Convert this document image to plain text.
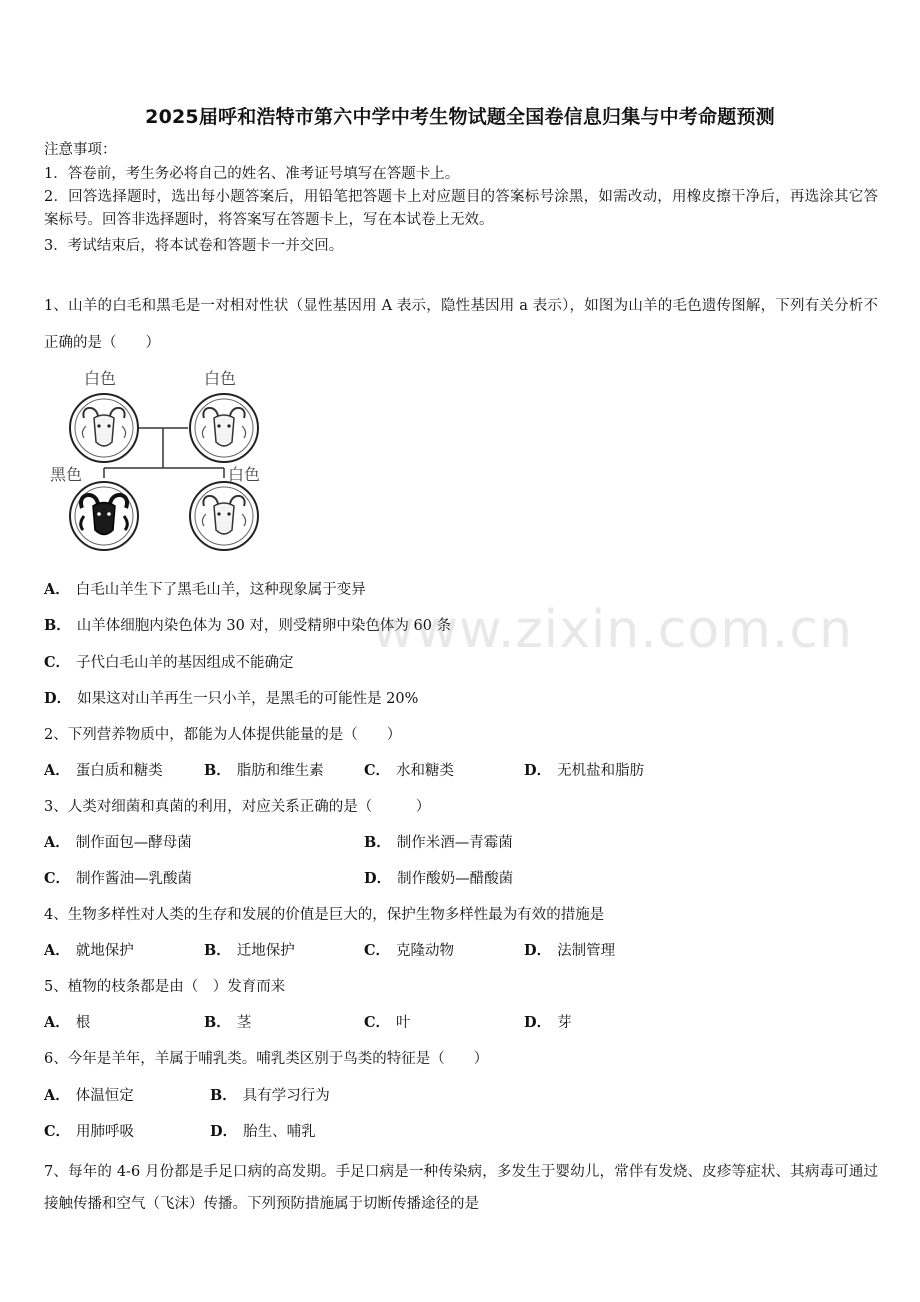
2025届呼和浩特市第六中学中考生物试题全国卷信息归集与中考命题预测
注意事项：
1．答卷前，考生务必将自己的姓名、准考证号填写在答题卡上。
2．回答选择题时，选出每小题答案后，用铅笔把答题卡上对应题目的答案标号涂黑，如需改动，用橡皮擦干净后，再选涂其它答案标号。回答非选择题时，将答案写在答题卡上，写在本试卷上无效。
3．考试结束后，将本试卷和答题卡一并交回。
1、山羊的白毛和黑毛是一对相对性状（显性基因用 A 表示，隐性基因用 a 表示），如图为山羊的毛色遗传图解，下列有关分析不正确的是（　　）
白色	白色
黑色	白色
A． 白毛山羊生下了黑毛山羊，这种现象属于变异
B． 山羊体细胞内染色体为 30 对，则受精卵中染色体为 60 条
C． 子代白毛山羊的基因组成不能确定
D． 如果这对山羊再生一只小羊，是黑毛的可能性是 20%
2、下列营养物质中，都能为人体提供能量的是（　　）
A． 蛋白质和糖类	B． 脂肪和维生素	C． 水和糖类	D． 无机盐和脂肪
3、人类对细菌和真菌的利用，对应关系正确的是（　　　）
A． 制作面包—酵母菌	B． 制作米酒—青霉菌
C． 制作酱油—乳酸菌	D． 制作酸奶—醋酸菌
4、生物多样性对人类的生存和发展的价值是巨大的，保护生物多样性最为有效的措施是
A． 就地保护	B． 迁地保护	C． 克隆动物	D． 法制管理
5、植物的枝条都是由（　）发育而来
A． 根	B． 茎	C． 叶	D． 芽
6、今年是羊年，羊属于哺乳类。哺乳类区别于鸟类的特征是（　　）
A． 体温恒定	B． 具有学习行为
C． 用肺呼吸	D． 胎生、哺乳
7、每年的 4-6 月份都是手足口病的高发期。手足口病是一种传染病，多发生于婴幼儿，常伴有发烧、皮疹等症状、其病毒可通过接触传播和空气（飞沫）传播。下列预防措施属于切断传播途径的是
www.zixin.com.cn
